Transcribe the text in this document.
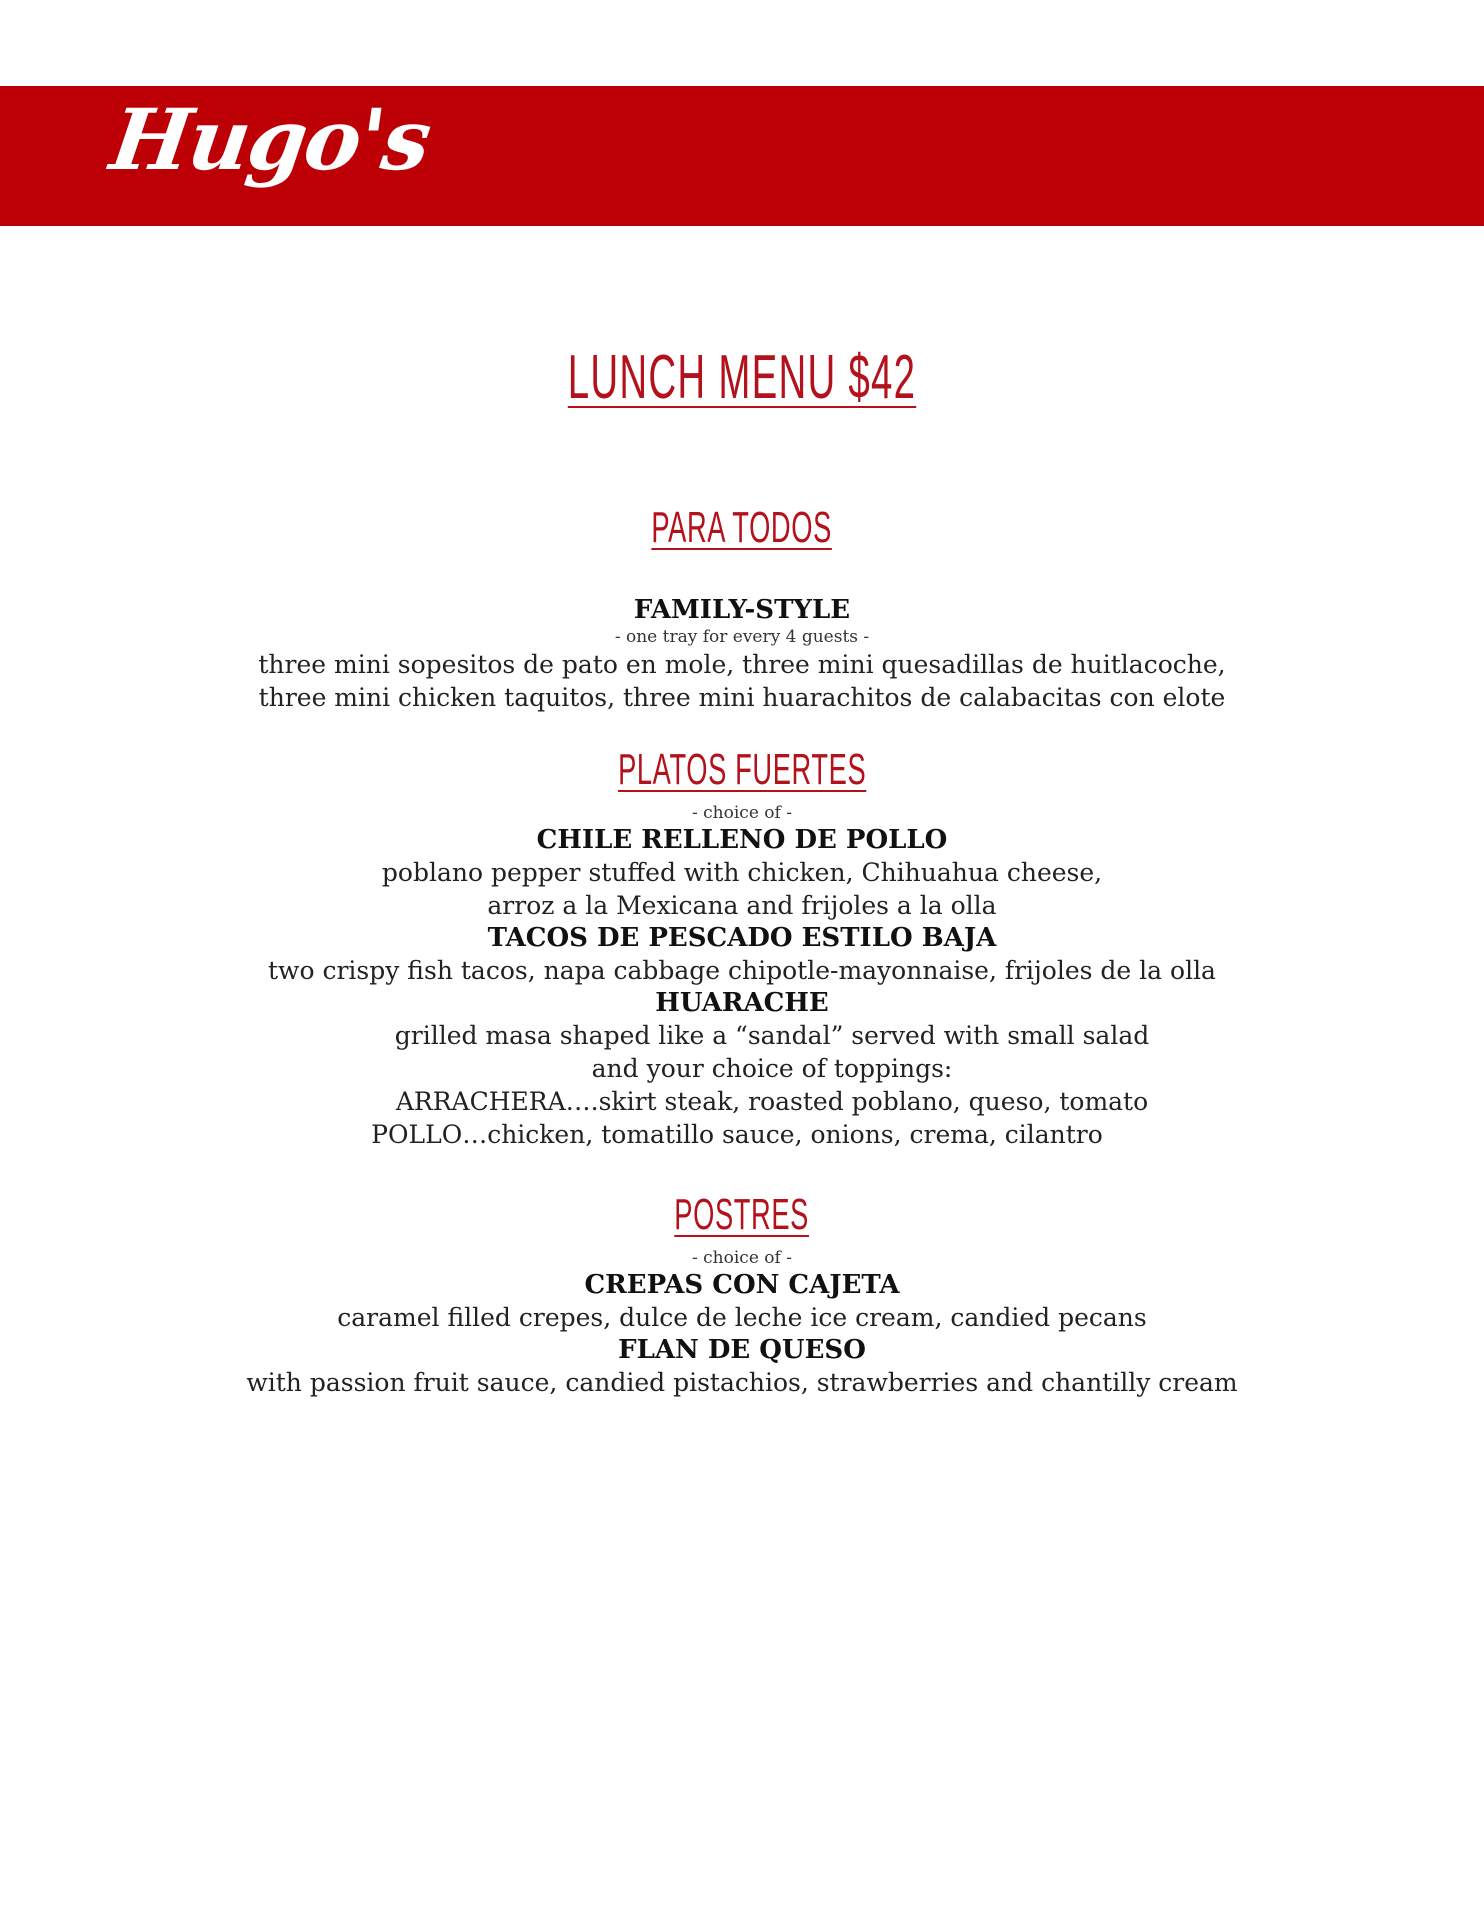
Hugo's
LUNCH MENU $42
PARA TODOS
FAMILY-STYLE
- one tray for every 4 guests -
three mini sopesitos de pato en mole, three mini quesadillas de huitlacoche,
three mini chicken taquitos, three mini huarachitos de calabacitas con elote
PLATOS FUERTES
- choice of -
CHILE RELLENO DE POLLO
poblano pepper stuffed with chicken, Chihuahua cheese,
arroz a la Mexicana and frijoles a la olla
TACOS DE PESCADO ESTILO BAJA
two crispy fish tacos, napa cabbage chipotle-mayonnaise, frijoles de la olla
HUARACHE
grilled masa shaped like a “sandal” served with small salad
and your choice of toppings:
ARRACHERA….skirt steak, roasted poblano, queso, tomato
POLLO…chicken, tomatillo sauce, onions, crema, cilantro
POSTRES
- choice of -
CREPAS CON CAJETA
caramel filled crepes, dulce de leche ice cream, candied pecans
FLAN DE QUESO
with passion fruit sauce, candied pistachios, strawberries and chantilly cream
